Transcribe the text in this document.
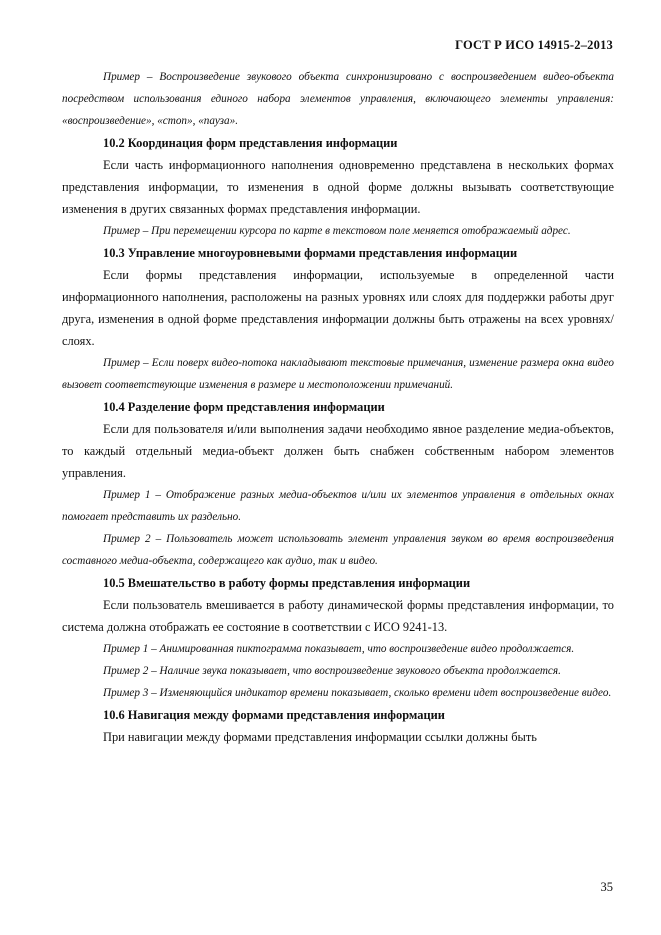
ГОСТ Р ИСО 14915-2–2013

Пример – Воспроизведение звукового объекта синхронизировано с воспроизведением видео-объекта посредством использования единого набора элементов управления, включающего элементы управления: «воспроизведение», «стоп», «пауза».

10.2 Координация форм представления информации

Если часть информационного наполнения одновременно представлена в нескольких формах представления информации, то изменения в одной форме должны вызывать соответствующие изменения в других связанных формах представления информации.

Пример – При перемещении курсора по карте в текстовом поле меняется отображаемый адрес.

10.3 Управление многоуровневыми формами представления информации

Если формы представления информации, используемые в определенной части информационного наполнения, расположены на разных уровнях или слоях для поддержки работы друг друга, изменения в одной форме представления информации должны быть отражены на всех уровнях/слоях.

Пример – Если поверх видео-потока накладывают текстовые примечания, изменение размера окна видео вызовет соответствующие изменения в размере и местоположении примечаний.

10.4 Разделение форм представления информации

Если для пользователя и/или выполнения задачи необходимо явное разделение медиа-объектов, то каждый отдельный медиа-объект должен быть снабжен собственным набором элементов управления.

Пример 1 – Отображение разных медиа-объектов и/или их элементов управления в отдельных окнах помогает представить их раздельно.

Пример 2 – Пользователь может использовать элемент управления звуком во время воспроизведения составного медиа-объекта, содержащего как аудио, так и видео.

10.5 Вмешательство в работу формы представления информации

Если пользователь вмешивается в работу динамической формы представления информации, то система должна отображать ее состояние в соответствии с ИСО 9241-13.

Пример 1 – Анимированная пиктограмма показывает, что воспроизведение видео продолжается.

Пример 2 – Наличие звука показывает, что воспроизведение звукового объекта продолжается.

Пример 3 – Изменяющийся индикатор времени показывает, сколько времени идет воспроизведение видео.

10.6 Навигация между формами представления информации

При навигации между формами представления информации ссылки должны быть

35
